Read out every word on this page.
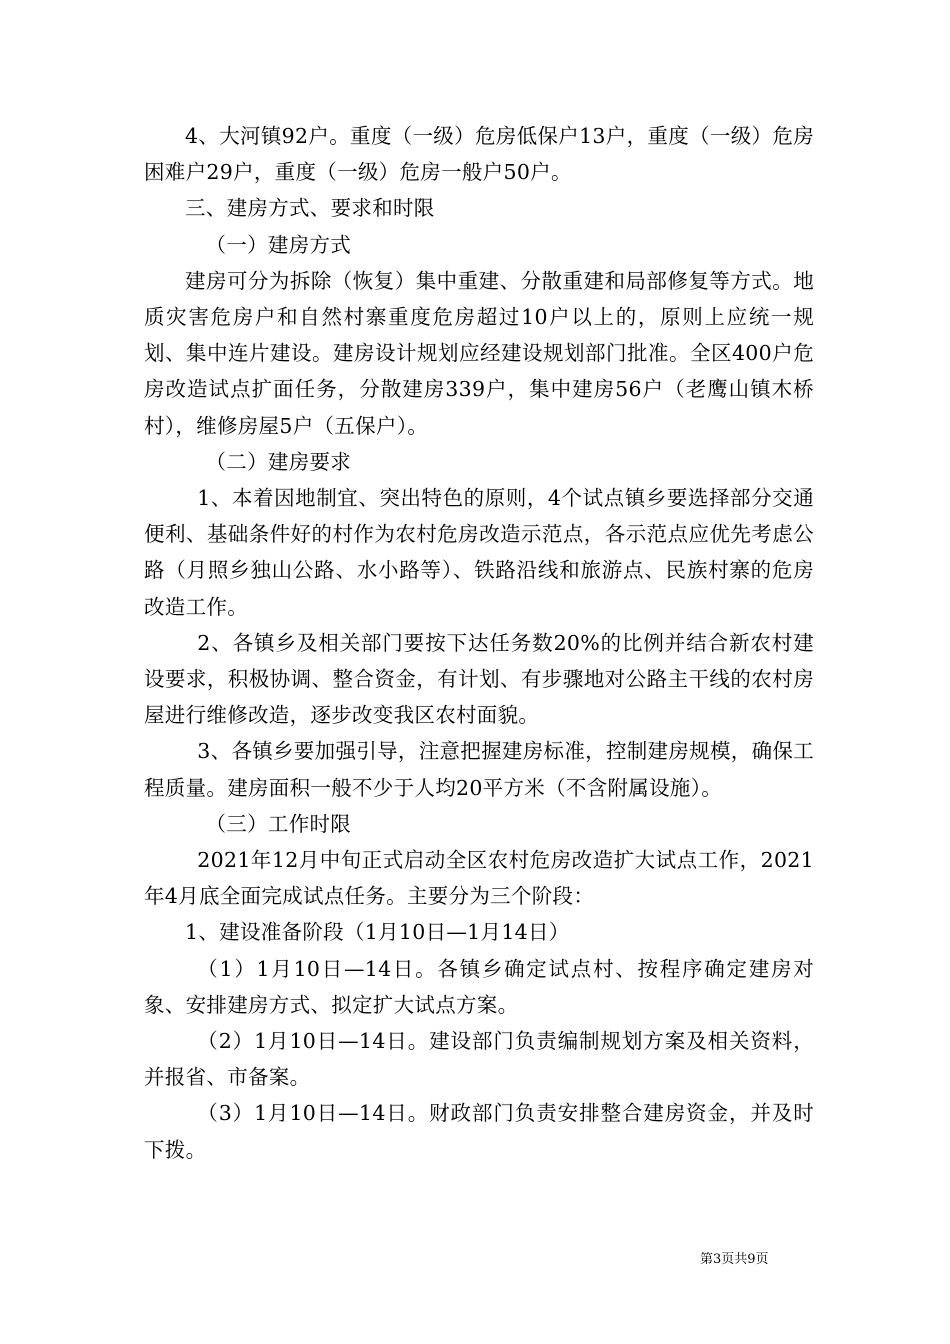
4、大河镇92户。重度（一级）危房低保户13户，重度（一级）危房困难户29户，重度（一级）危房一般户50户。

三、建房方式、要求和时限

（一）建房方式

建房可分为拆除（恢复）集中重建、分散重建和局部修复等方式。地质灾害危房户和自然村寨重度危房超过10户以上的，原则上应统一规划、集中连片建设。建房设计规划应经建设规划部门批准。全区400户危房改造试点扩面任务，分散建房339户，集中建房56户（老鹰山镇木桥村），维修房屋5户（五保户）。

（二）建房要求

1、本着因地制宜、突出特色的原则，4个试点镇乡要选择部分交通便利、基础条件好的村作为农村危房改造示范点，各示范点应优先考虑公路（月照乡独山公路、水小路等）、铁路沿线和旅游点、民族村寨的危房改造工作。

2、各镇乡及相关部门要按下达任务数20%的比例并结合新农村建设要求，积极协调、整合资金，有计划、有步骤地对公路主干线的农村房屋进行维修改造，逐步改变我区农村面貌。

3、各镇乡要加强引导，注意把握建房标准，控制建房规模，确保工程质量。建房面积一般不少于人均20平方米（不含附属设施）。

（三）工作时限

2021年12月中旬正式启动全区农村危房改造扩大试点工作，2021年4月底全面完成试点任务。主要分为三个阶段：

1、建设准备阶段（1月10日—1月14日）

（1）1月10日—14日。各镇乡确定试点村、按程序确定建房对象、安排建房方式、拟定扩大试点方案。

（2）1月10日—14日。建设部门负责编制规划方案及相关资料，并报省、市备案。

（3）1月10日—14日。财政部门负责安排整合建房资金，并及时下拨。

第3页共9页
